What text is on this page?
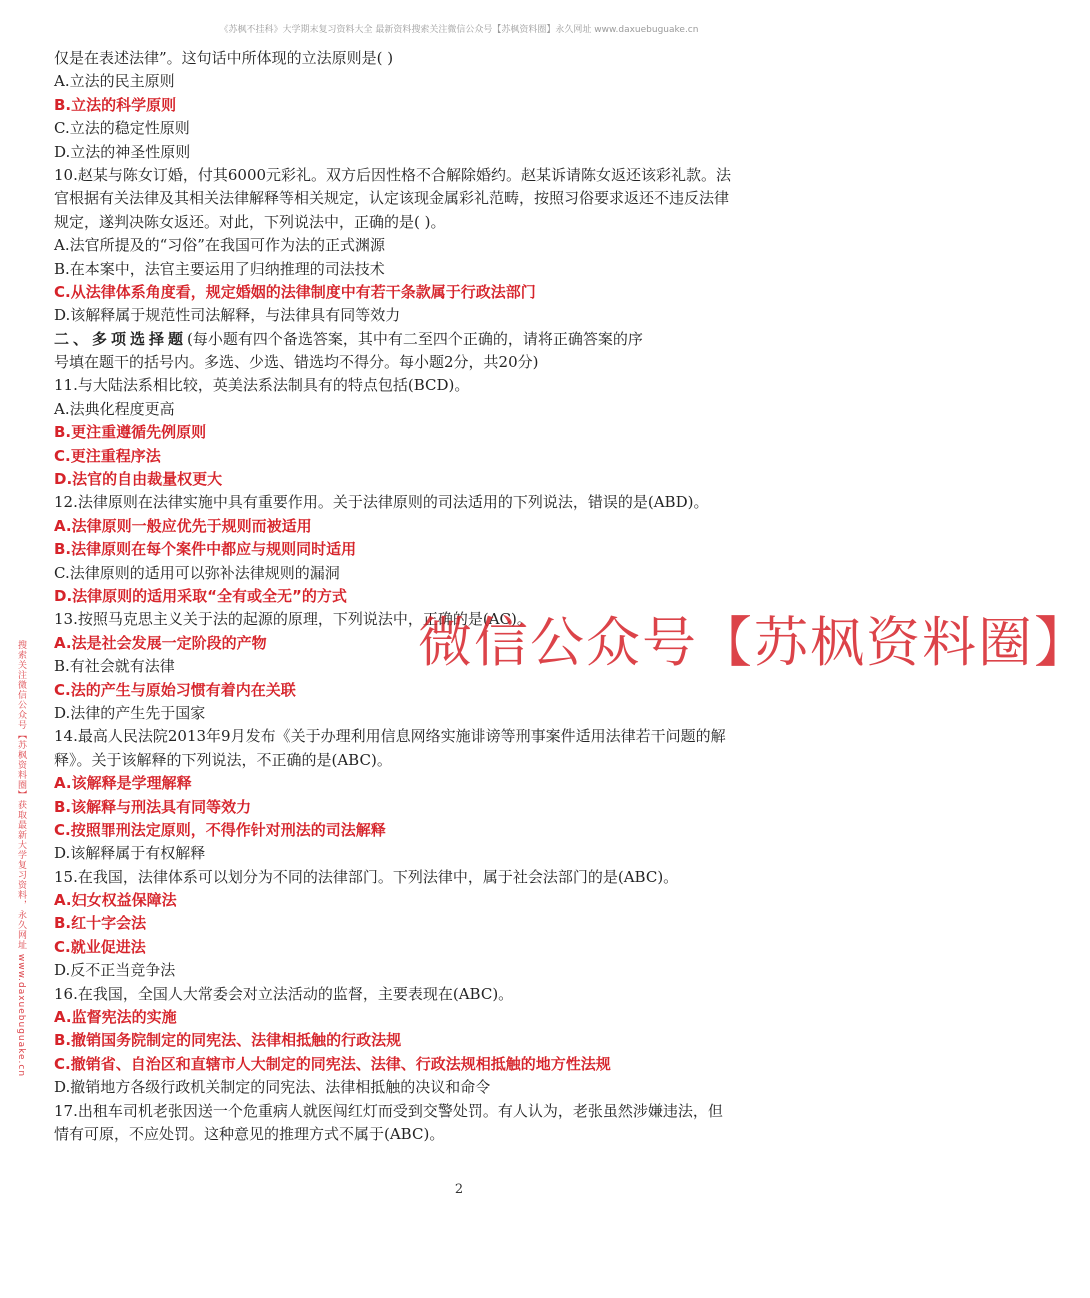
《苏枫不挂科》大学期末复习资料大全 最新资料搜索关注微信公众号【苏枫资料圈】永久网址 www.daxuebuguake.cn
仅是在表述法律”。这句话中所体现的立法原则是( )
A.立法的民主原则
B.立法的科学原则
C.立法的稳定性原则
D.立法的神圣性原则
10.赵某与陈女订婚，付其6000元彩礼。双方后因性格不合解除婚约。赵某诉请陈女返还该彩礼款。法
官根据有关法律及其相关法律解释等相关规定，认定该现金属彩礼范畴，按照习俗要求返还不违反法律
规定，遂判决陈女返还。对此，下列说法中，正确的是( )。
A.法官所提及的“习俗”在我国可作为法的正式渊源
B.在本案中，法官主要运用了归纳推理的司法技术
C.从法律体系角度看，规定婚姻的法律制度中有若干条款属于行政法部门
D.该解释属于规范性司法解释，与法律具有同等效力
二、多项选择题(每小题有四个备选答案，其中有二至四个正确的，请将正确答案的序
号填在题干的括号内。多选、少选、错选均不得分。每小题2分，共20分)
11.与大陆法系相比较，英美法系法制具有的特点包括(BCD)。
A.法典化程度更高
B.更注重遵循先例原则
C.更注重程序法
D.法官的自由裁量权更大
12.法律原则在法律实施中具有重要作用。关于法律原则的司法适用的下列说法，错误的是(ABD)。
A.法律原则一般应优先于规则而被适用
B.法律原则在每个案件中都应与规则同时适用
C.法律原则的适用可以弥补法律规则的漏洞
D.法律原则的适用采取“全有或全无”的方式
13.按照马克思主义关于法的起源的原理，下列说法中，正确的是(AC)。
A.法是社会发展一定阶段的产物
B.有社会就有法律
C.法的产生与原始习惯有着内在关联
D.法律的产生先于国家
14.最高人民法院2013年9月发布《关于办理利用信息网络实施诽谤等刑事案件适用法律若干问题的解
释》。关于该解释的下列说法，不正确的是(ABC)。
A.该解释是学理解释
B.该解释与刑法具有同等效力
C.按照罪刑法定原则，不得作针对刑法的司法解释
D.该解释属于有权解释
15.在我国，法律体系可以划分为不同的法律部门。下列法律中，属于社会法部门的是(ABC)。
A.妇女权益保障法
B.红十字会法
C.就业促进法
D.反不正当竞争法
16.在我国，全国人大常委会对立法活动的监督，主要表现在(ABC)。
A.监督宪法的实施
B.撤销国务院制定的同宪法、法律相抵触的行政法规
C.撤销省、自治区和直辖市人大制定的同宪法、法律、行政法规相抵触的地方性法规
D.撤销地方各级行政机关制定的同宪法、法律相抵触的决议和命令
17.出租车司机老张因送一个危重病人就医闯红灯而受到交警处罚。有人认为，老张虽然涉嫌违法，但
情有可原，不应处罚。这种意见的推理方式不属于(ABC)。
搜索关注微信公众号【苏枫资料圈】获取最新大学复习资料，永久网址 www.daxuebuguake.cn	微信公众号【苏枫资料圈】
2
